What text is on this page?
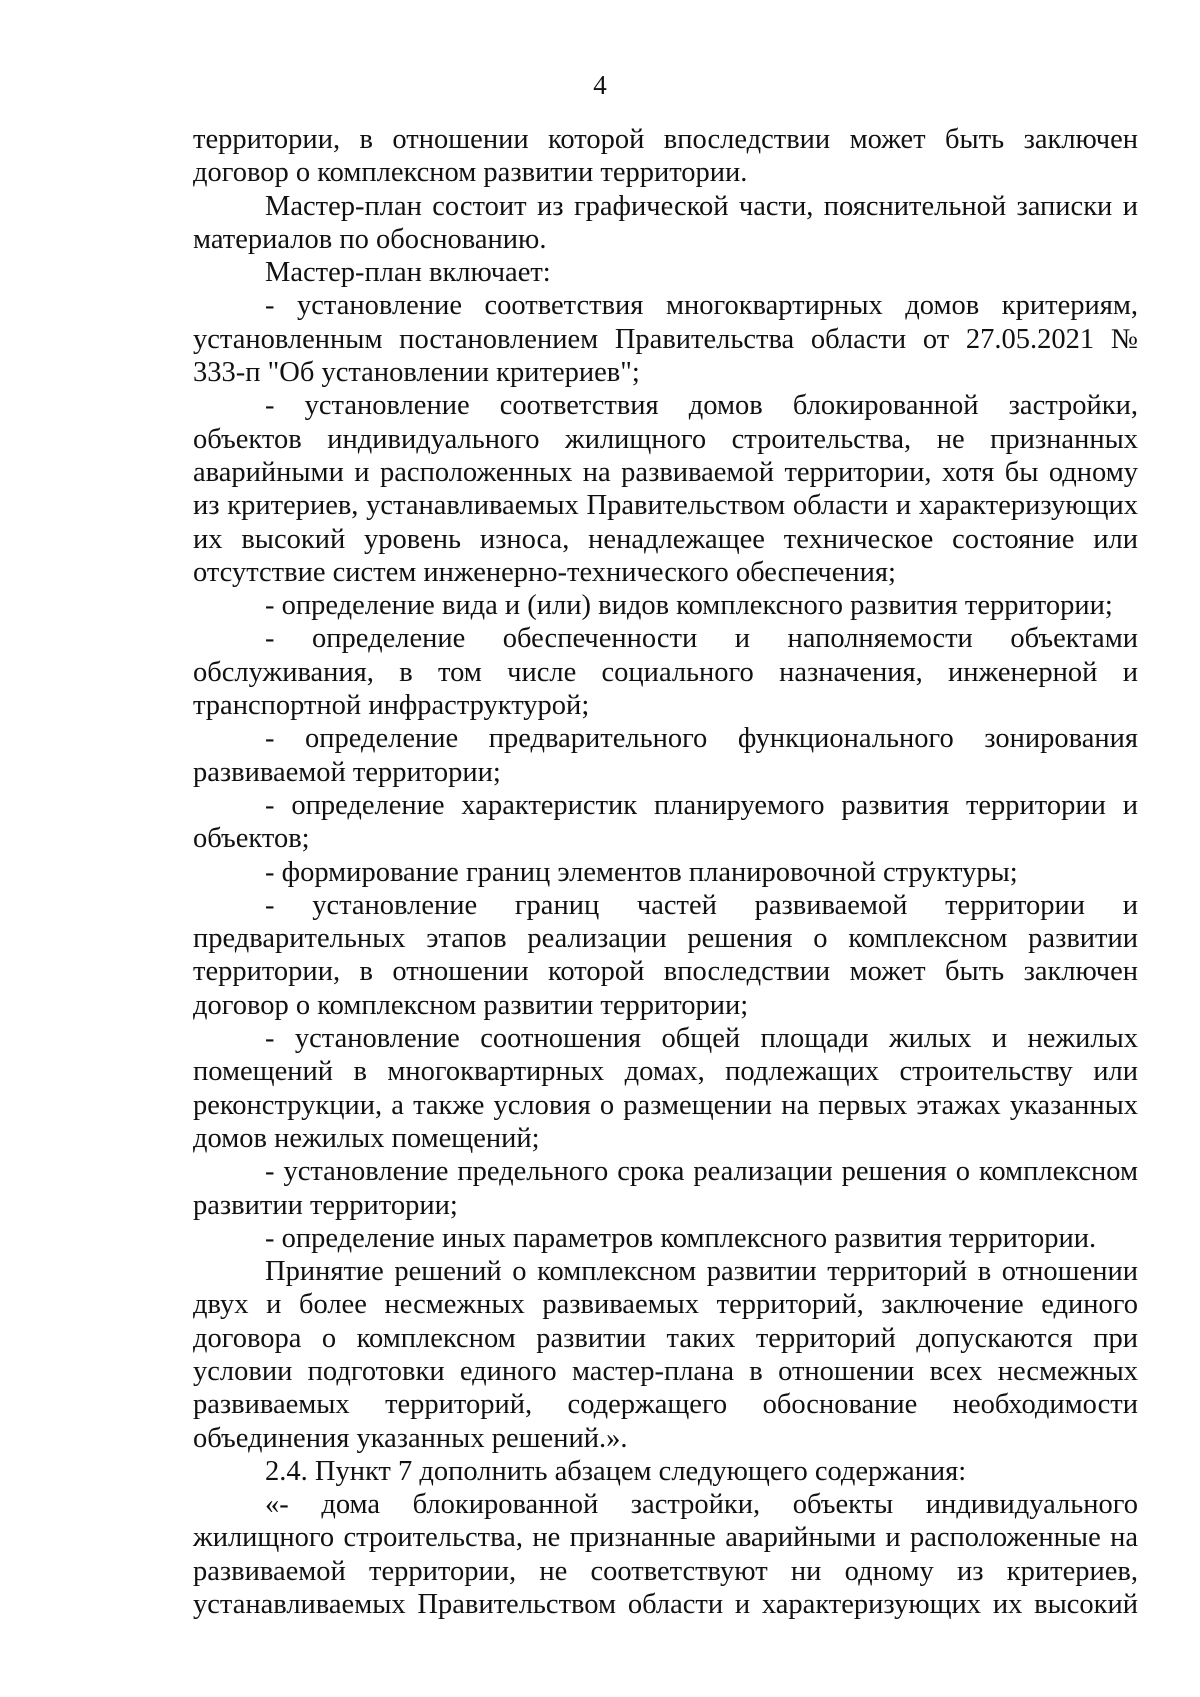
4

территории, в отношении которой впоследствии может быть заключен договор о комплексном развитии территории.

Мастер-план состоит из графической части, пояснительной записки и материалов по обоснованию.

Мастер-план включает:

- установление соответствия многоквартирных домов критериям, установленным постановлением Правительства области от 27.05.2021 № 333-п "Об установлении критериев";

- установление соответствия домов блокированной застройки, объектов индивидуального жилищного строительства, не признанных аварийными и расположенных на развиваемой территории, хотя бы одному из критериев, устанавливаемых Правительством области и характеризующих их высокий уровень износа, ненадлежащее техническое состояние или отсутствие систем инженерно-технического обеспечения;

- определение вида и (или) видов комплексного развития территории;

- определение обеспеченности и наполняемости объектами обслуживания, в том числе социального назначения, инженерной и транспортной инфраструктурой;

- определение предварительного функционального зонирования развиваемой территории;

- определение характеристик планируемого развития территории и объектов;

- формирование границ элементов планировочной структуры;

- установление границ частей развиваемой территории и предварительных этапов реализации решения о комплексном развитии территории, в отношении которой впоследствии может быть заключен договор о комплексном развитии территории;

- установление соотношения общей площади жилых и нежилых помещений в многоквартирных домах, подлежащих строительству или реконструкции, а также условия о размещении на первых этажах указанных домов нежилых помещений;

- установление предельного срока реализации решения о комплексном развитии территории;

- определение иных параметров комплексного развития территории.

Принятие решений о комплексном развитии территорий в отношении двух и более несмежных развиваемых территорий, заключение единого договора о комплексном развитии таких территорий допускаются при условии подготовки единого мастер-плана в отношении всех несмежных развиваемых территорий, содержащего обоснование необходимости объединения указанных решений.».

2.4. Пункт 7 дополнить абзацем следующего содержания:

«- дома блокированной застройки, объекты индивидуального жилищного строительства, не признанные аварийными и расположенные на развиваемой территории, не соответствуют ни одному из критериев, устанавливаемых Правительством области и характеризующих их высокий
